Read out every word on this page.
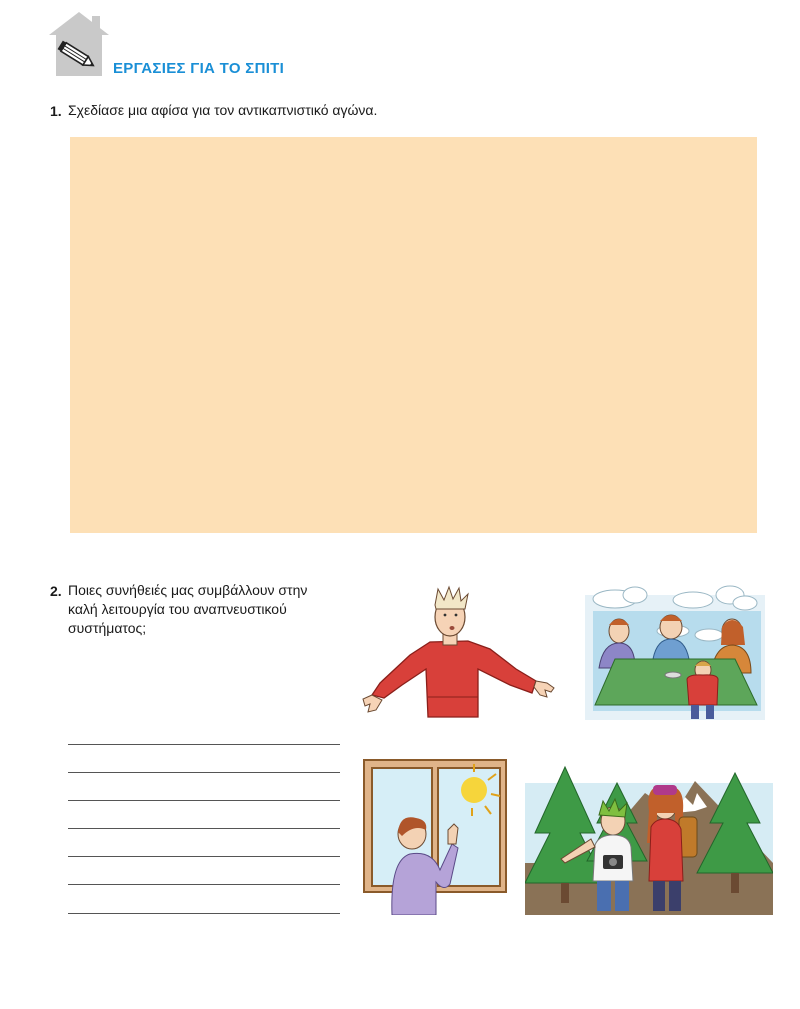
ΕΡΓΑΣΙΕΣ ΓΙΑ ΤΟ ΣΠΙΤΙ
1. Σχεδίασε μια αφίσα για τον αντικαπνιστικό αγώνα.
2. Ποιες συνήθειές μας συμβάλλουν στην
καλή λειτουργία του αναπνευστικού
συστήματος;
